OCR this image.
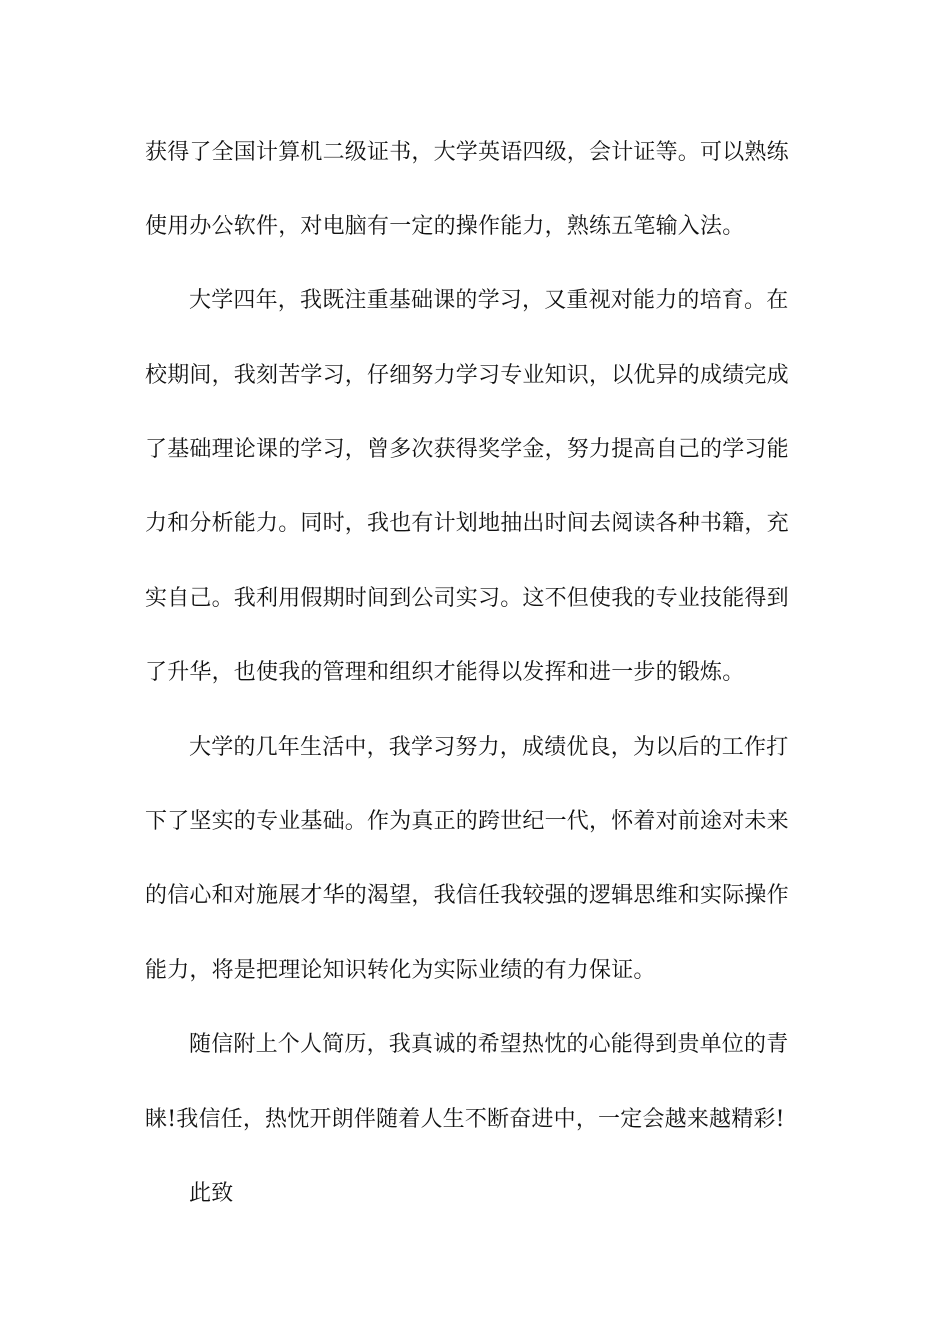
获得了全国计算机二级证书，大学英语四级，会计证等。可以熟练
使用办公软件，对电脑有一定的操作能力，熟练五笔输入法。
大学四年，我既注重基础课的学习，又重视对能力的培育。在
校期间，我刻苦学习，仔细努力学习专业知识，以优异的成绩完成
了基础理论课的学习，曾多次获得奖学金，努力提高自己的学习能
力和分析能力。同时，我也有计划地抽出时间去阅读各种书籍，充
实自己。我利用假期时间到公司实习。这不但使我的专业技能得到
了升华，也使我的管理和组织才能得以发挥和进一步的锻炼。
大学的几年生活中，我学习努力，成绩优良，为以后的工作打
下了坚实的专业基础。作为真正的跨世纪一代，怀着对前途对未来
的信心和对施展才华的渴望，我信任我较强的逻辑思维和实际操作
能力，将是把理论知识转化为实际业绩的有力保证。
随信附上个人简历，我真诚的希望热忱的心能得到贵单位的青
睐!我信任，热忱开朗伴随着人生不断奋进中，一定会越来越精彩!
此致
